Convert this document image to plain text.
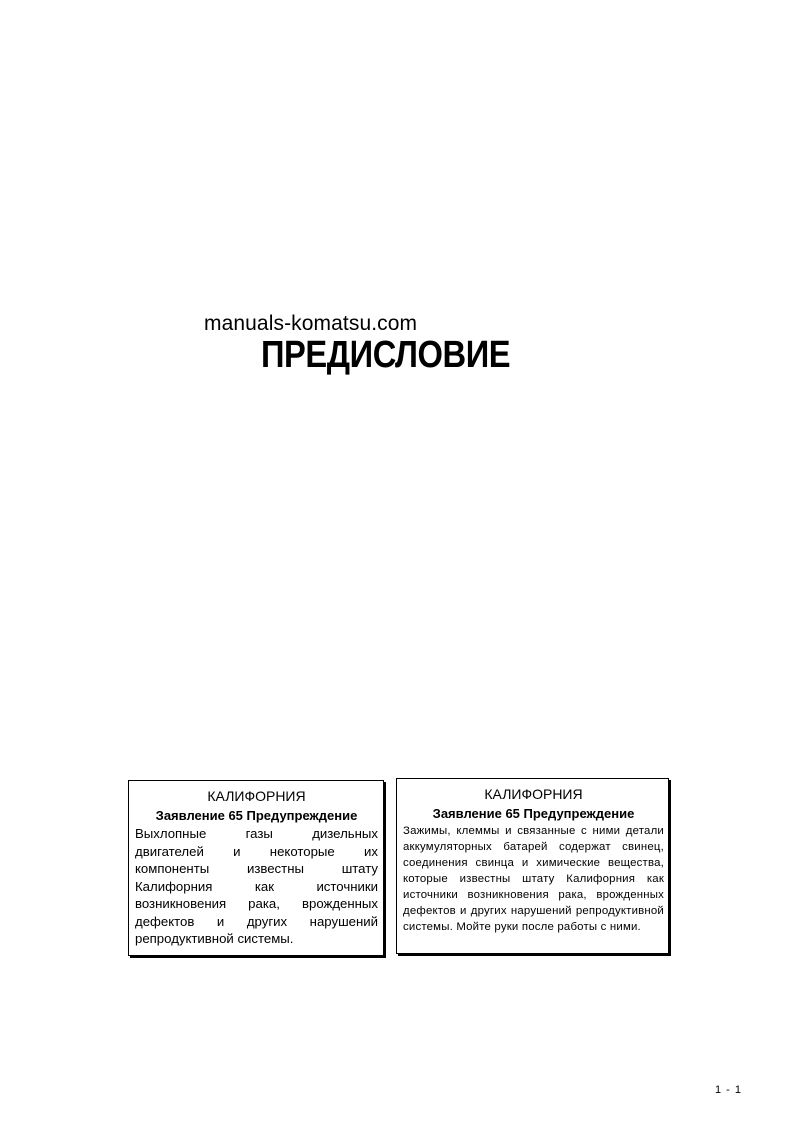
manuals-komatsu.com
ПРЕДИСЛОВИЕ
КАЛИФОРНИЯ
Заявление 65 Предупреждение
Выхлопные газы дизельных двигателей и некоторые их компоненты известны штату Калифорния как источники возникновения рака, врожденных дефектов и других нарушений репродуктивной системы.
КАЛИФОРНИЯ
Заявление 65 Предупреждение
Зажимы, клеммы и связанные с ними детали аккумуляторных батарей содержат свинец, соединения свинца и химические вещества, которые известны штату Калифорния как источники возникновения рака, врожденных дефектов и других нарушений репродуктивной системы. Мойте руки после работы с ними.
1 - 1
